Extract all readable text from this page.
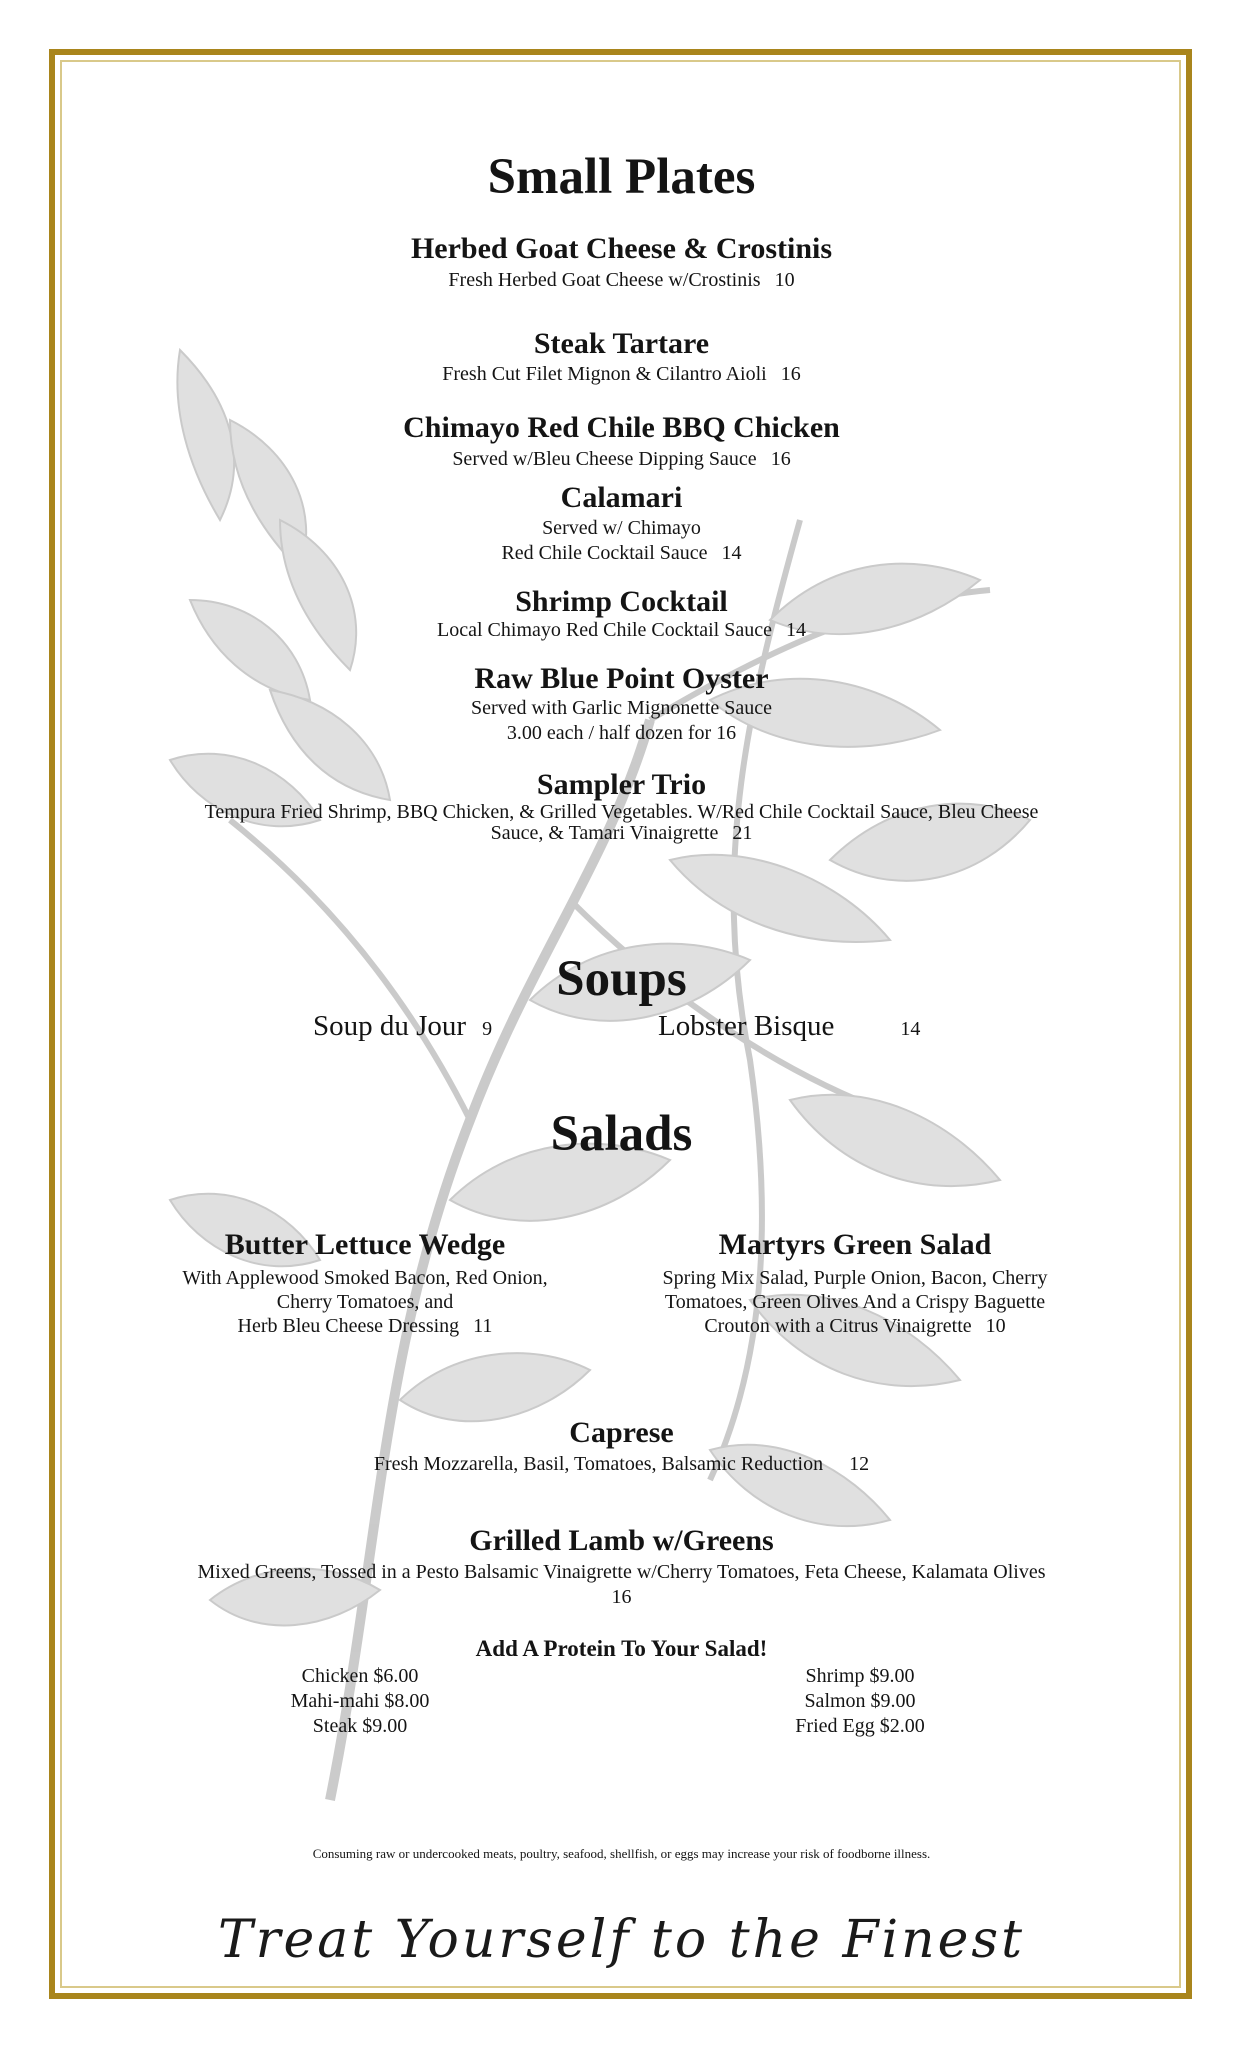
Small Plates
Herbed Goat Cheese & Crostinis
Fresh Herbed Goat Cheese w/Crostinis 10
Steak Tartare
Fresh Cut Filet Mignon & Cilantro Aioli 16
Chimayo Red Chile BBQ Chicken
Served w/Bleu Cheese Dipping Sauce 16
Calamari
Served w/ Chimayo
Red Chile Cocktail Sauce 14
Shrimp Cocktail
Local Chimayo Red Chile Cocktail Sauce 14
Raw Blue Point Oyster
Served with Garlic Mignonette Sauce
3.00 each / half dozen for 16
Sampler Trio
Tempura Fried Shrimp, BBQ Chicken, & Grilled Vegetables. W/Red Chile Cocktail Sauce, Bleu Cheese
Sauce, & Tamari Vinaigrette 21
Soups
Soup du Jour 9	Lobster Bisque	14
Salads
Butter Lettuce Wedge
With Applewood Smoked Bacon, Red Onion,
Cherry Tomatoes, and
Herb Bleu Cheese Dressing 11
Martyrs Green Salad
Spring Mix Salad, Purple Onion, Bacon, Cherry
Tomatoes, Green Olives And a Crispy Baguette
Crouton with a Citrus Vinaigrette 10
Caprese
Fresh Mozzarella, Basil, Tomatoes, Balsamic Reduction 12
Grilled Lamb w/Greens
Mixed Greens, Tossed in a Pesto Balsamic Vinaigrette w/Cherry Tomatoes, Feta Cheese, Kalamata Olives
16
Add A Protein To Your Salad!
Chicken $6.00
Mahi-mahi $8.00
Steak $9.00
Shrimp $9.00
Salmon $9.00
Fried Egg $2.00
Consuming raw or undercooked meats, poultry, seafood, shellfish, or eggs may increase your risk of foodborne illness.
Treat Yourself to the Finest
